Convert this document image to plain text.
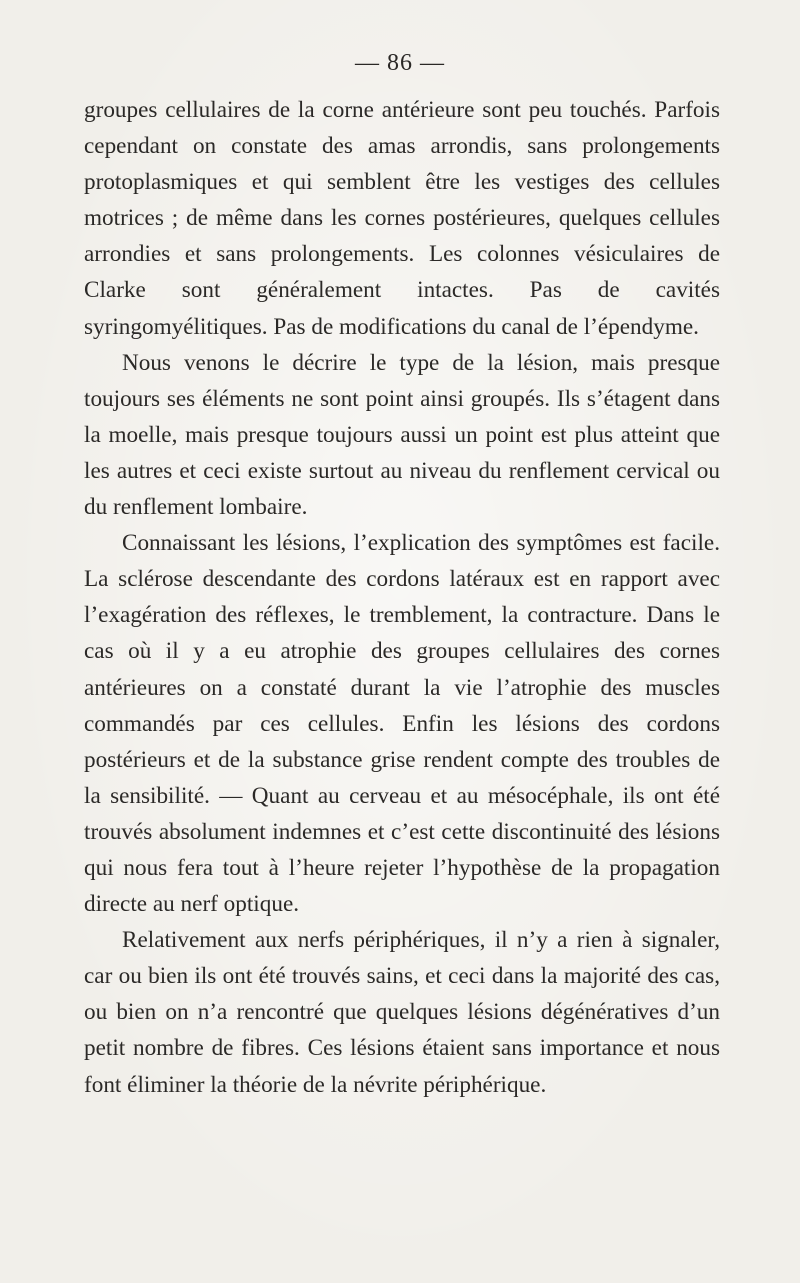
— 86 —

groupes cellulaires de la corne antérieure sont peu touchés. Parfois cependant on constate des amas arrondis, sans prolongements protoplasmiques et qui semblent être les vestiges des cellules motrices ; de même dans les cornes postérieures, quelques cellules arrondies et sans prolongements. Les colonnes vésiculaires de Clarke sont généralement intactes. Pas de cavités syringomyélitiques. Pas de modifications du canal de l’épendyme.

Nous venons le décrire le type de la lésion, mais presque toujours ses éléments ne sont point ainsi groupés. Ils s’étagent dans la moelle, mais presque toujours aussi un point est plus atteint que les autres et ceci existe surtout au niveau du renflement cervical ou du renflement lombaire.

Connaissant les lésions, l’explication des symptômes est facile. La sclérose descendante des cordons latéraux est en rapport avec l’exagération des réflexes, le tremblement, la contracture. Dans le cas où il y a eu atrophie des groupes cellulaires des cornes antérieures on a constaté durant la vie l’atrophie des muscles commandés par ces cellules. Enfin les lésions des cordons postérieurs et de la substance grise rendent compte des troubles de la sensibilité. — Quant au cerveau et au mésocéphale, ils ont été trouvés absolument indemnes et c’est cette discontinuité des lésions qui nous fera tout à l’heure rejeter l’hypothèse de la propagation directe au nerf optique.

Relativement aux nerfs périphériques, il n’y a rien à signaler, car ou bien ils ont été trouvés sains, et ceci dans la majorité des cas, ou bien on n’a rencontré que quelques lésions dégénératives d’un petit nombre de fibres. Ces lésions étaient sans importance et nous font éliminer la théorie de la névrite périphérique.
